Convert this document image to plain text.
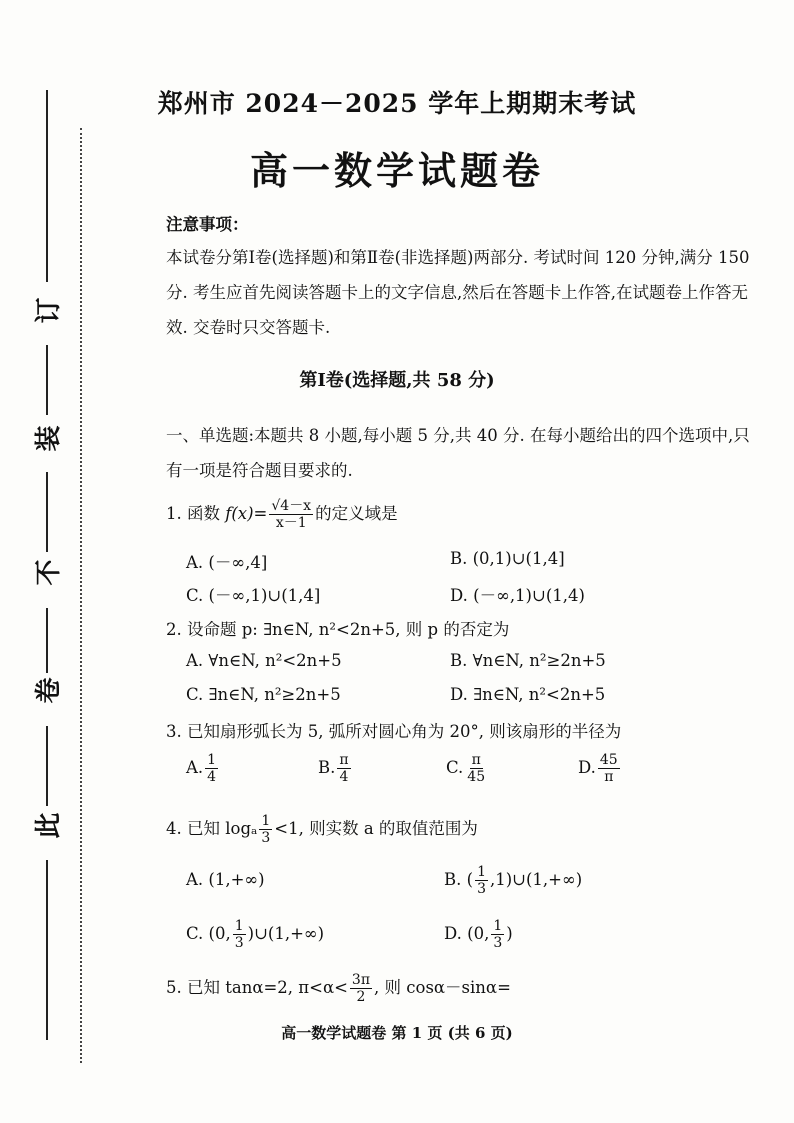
订
装
不
卷
此
郑州市 2024－2025 学年上期期末考试
高一数学试题卷
注意事项：
本试卷分第Ⅰ卷(选择题)和第Ⅱ卷(非选择题)两部分. 考试时间 120 分钟,满分 150 分. 考生应首先阅读答题卡上的文字信息,然后在答题卡上作答,在试题卷上作答无效. 交卷时只交答题卡.
第Ⅰ卷(选择题,共 58 分)
一、单选题:本题共 8 小题,每小题 5 分,共 40 分. 在每小题给出的四个选项中,只有一项是符合题目要求的.
1. 函数 $f(x)= \frac{√4-x}{x-1}$ 的定义域是
A. (－∞,4]	B. (0,1)∪(1,4]
C. (－∞,1)∪(1,4]	D. (－∞,1)∪(1,4)
2. 设命题 p: ∃n∈N, n²<2n+5, 则 p 的否定为
A. ∀n∈N, n²<2n+5	B. ∀n∈N, n²≥2n+5
C. ∃n∈N, n²≥2n+5	D. ∃n∈N, n²<2n+5
3. 已知扇形弧长为 5, 弧所对圆心角为 20°, 则该扇形的半径为
A. $\frac{1}{4}$	B. $\frac{\pi}{4}$	C. $\frac{\pi}{45}$	D. $\frac{45}{\pi}$
4. 已知 logₐ $\frac{1}{3} <1$, 则实数 a 的取值范围为
A. (1,+∞)	B. ( $\frac{1}{3}$ ,1)∪(1,+∞)
C. (0, $\frac{1}{3}$ )∪(1,+∞)	D. (0, $\frac{1}{3}$ )
5. 已知 tanα=2, $\pi<\alpha< \frac{3\pi}{2}$ , 则 cosα－sinα=
高一数学试题卷 第 1 页 (共 6 页)
